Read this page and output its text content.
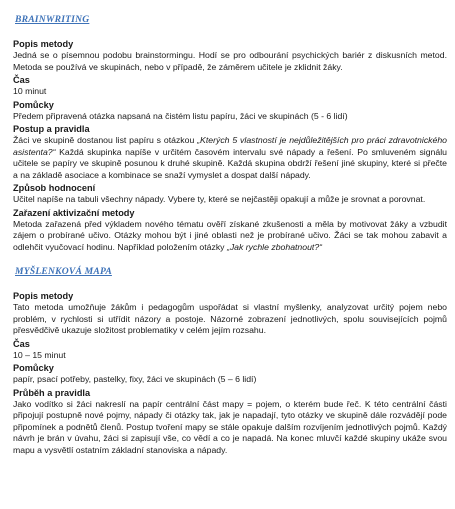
BRAINWRITING
Popis metody

Jedná se o písemnou podobu brainstormingu. Hodí se pro odbourání psychických bariér z diskusních metod. Metoda se používá ve skupinách, nebo v případě, že záměrem učitele je zklidnit žáky.

Čas

10 minut

Pomůcky

Předem připravená otázka napsaná na čistém listu papíru, žáci ve skupinách (5 - 6 lidí)

Postup a pravidla

Žáci ve skupině dostanou list papíru s otázkou „Kterých 5 vlastností je nejdůležitějších pro práci zdravotnického asistenta?“ Každá skupinka napíše v určitém časovém intervalu své nápady a řešení. Po smluveném signálu učitele se papíry ve skupině posunou k druhé skupině. Každá skupina obdrží řešení jiné skupiny, které si přečte a na základě asociace a kombinace se snaží vymyslet a dospat další nápady.

Způsob hodnocení

Učitel napíše na tabuli všechny nápady. Vybere ty, které se nejčastěji opakují a může je srovnat a porovnat.

Zařazení aktivizační metody

Metoda zařazená před výkladem nového tématu ověří získané zkušenosti a měla by motivovat žáky a vzbudit zájem o probírané učivo. Otázky mohou být i jiné oblasti než je probírané učivo. Žáci se tak mohou zabavit a odlehčit vyučovací hodinu. Například položením otázky „Jak rychle zbohatnout?“

MYŠLENKOVÁ MAPA
Popis metody

Tato metoda umožňuje žákům i pedagogům uspořádat si vlastní myšlenky, analyzovat určitý pojem nebo problém, v rychlosti si utřídit názory a postoje. Názorné zobrazení jednotlivých, spolu souvisejících pojmů přesvědčivě ukazuje složitost problematiky v celém jejím rozsahu.

Čas

10 – 15 minut

Pomůcky

papír, psací potřeby, pastelky, fixy, žáci ve skupinách (5 – 6 lidí)

Průběh a pravidla

Jako vodítko si žáci nakreslí na papír centrální část mapy = pojem, o kterém bude řeč. K této centrální části připojují postupně nové pojmy, nápady či otázky tak, jak je napadají, tyto otázky ve skupině dále rozvádějí pode připomínek a podnětů členů. Postup tvoření mapy se stále opakuje dalším rozvíjením jednotlivých pojmů. Každý návrh je brán v úvahu, žáci si zapisují vše, co vědí a co je napadá. Na konec mluvčí každé skupiny ukáže svou mapu a vysvětlí ostatním základní stanoviska a nápady.
